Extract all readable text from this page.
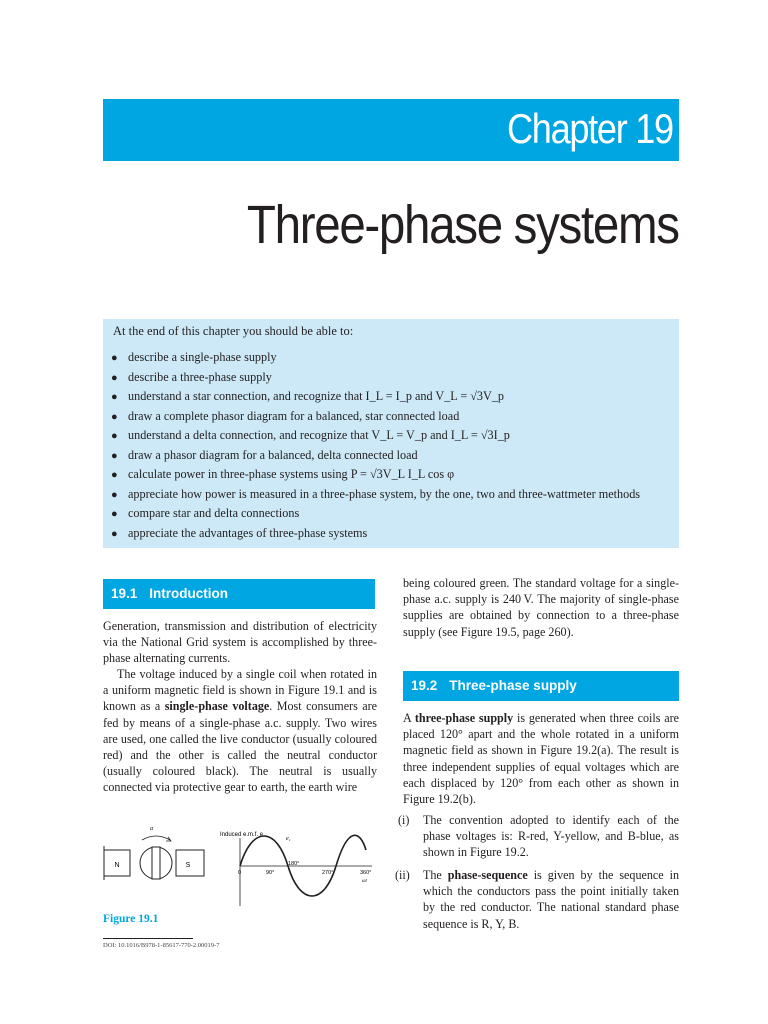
Chapter 19
Three-phase systems
At the end of this chapter you should be able to:
● describe a single-phase supply
● describe a three-phase supply
● understand a star connection, and recognize that I_L = I_p and V_L = √3V_p
● draw a complete phasor diagram for a balanced, star connected load
● understand a delta connection, and recognize that V_L = V_p and I_L = √3I_p
● draw a phasor diagram for a balanced, delta connected load
● calculate power in three-phase systems using P = √3V_L I_L cos φ
● appreciate how power is measured in a three-phase system, by the one, two and three-wattmeter methods
● compare star and delta connections
● appreciate the advantages of three-phase systems
19.1 Introduction

Generation, transmission and distribution of electricity via the National Grid system is accomplished by three-phase alternating currents.

The voltage induced by a single coil when rotated in a uniform magnetic field is shown in Figure 19.1 and is known as a single-phase voltage. Most consumers are fed by means of a single-phase a.c. supply. Two wires are used, one called the live conductor (usually coloured red) and the other is called the neutral conductor (usually coloured black). The neutral is usually connected via protective gear to earth, the earth wire

being coloured green. The standard voltage for a single-phase a.c. supply is 240 V. The majority of single-phase supplies are obtained by connection to a three-phase supply (see Figure 19.5, page 260).

19.2 Three-phase supply

A three-phase supply is generated when three coils are placed 120° apart and the whole rotated in a uniform magnetic field as shown in Figure 19.2(a). The result is three independent supplies of equal voltages which are each displaced by 120° from each other as shown in Figure 19.2(b).

(i) The convention adopted to identify each of the phase voltages is: R-red, Y-yellow, and B-blue, as shown in Figure 19.2.

(ii) The phase-sequence is given by the sequence in which the conductors pass the point initially taken by the red conductor. The national standard phase sequence is R, Y, B.

N
α
S
Induced e.m.f. e
e₁
0	90°
180°
270°	360°
ωt
Figure 19.1
DOI: 10.1016/B978-1-85617-770-2.00019-7
